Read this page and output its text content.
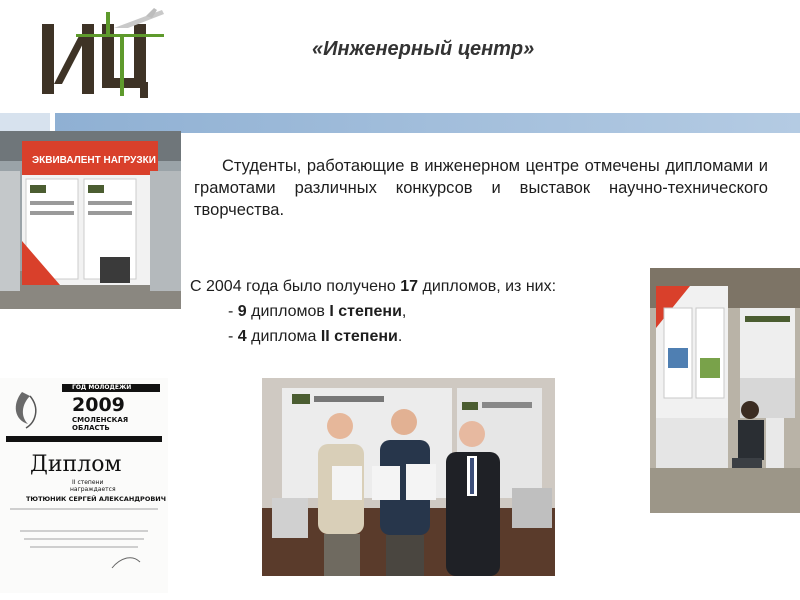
«Инженерный центр»
ЭКВИВАЛЕНТ НАГРУЗКИ	Студенты, работающие в инженерном центре отмечены дипломами и грамотами различных конкурсов и выставок научно-технического творчества.
С 2004 года было получено 17 дипломов, из них:
- 9 дипломов I степени,
- 4 диплома II степени.
ГОД МОЛОДЕЖИ
2009
СМОЛЕНСКАЯ
ОБЛАСТЬ
Диплом
II степени
награждается
ТЮТЮНИК СЕРГЕЙ АЛЕКСАНДРОВИЧ
